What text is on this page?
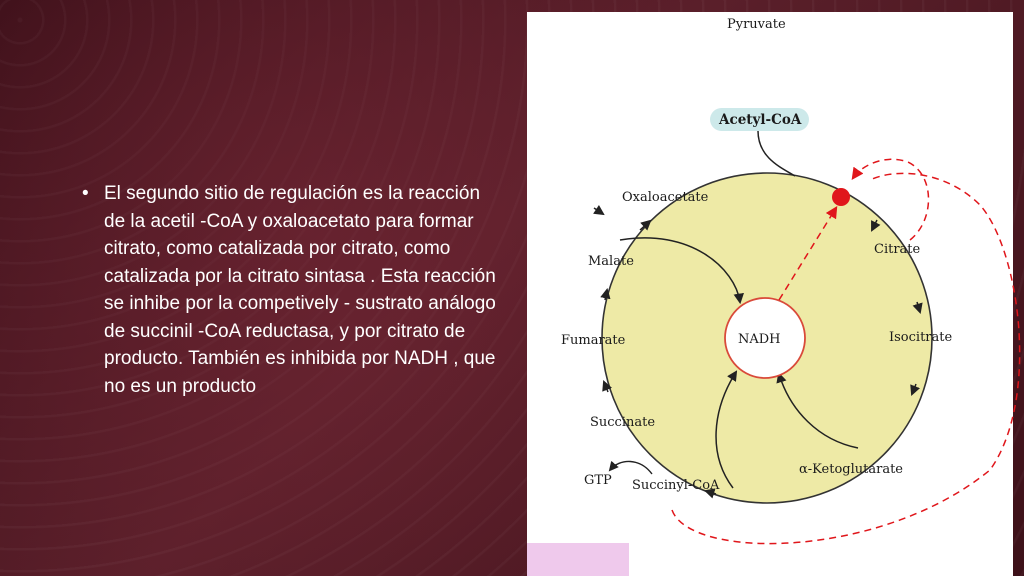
• El segundo sitio de regulación es la reacción de la acetil -CoA y oxaloacetato para formar citrato, como catalizada por citrato, como catalizada por la citrato sintasa . Esta reacción se inhibe por la competively - sustrato análogo de succinil -CoA reductasa, y por citrato de producto. También es inhibida por NADH , que no es un producto
Pyruvate
Acetyl-CoA
NADH
Oxaloacetate
Citrate
Isocitrate
α-Ketoglutarate
Succinyl-CoA
Succinate
Fumarate
Malate
GTP
